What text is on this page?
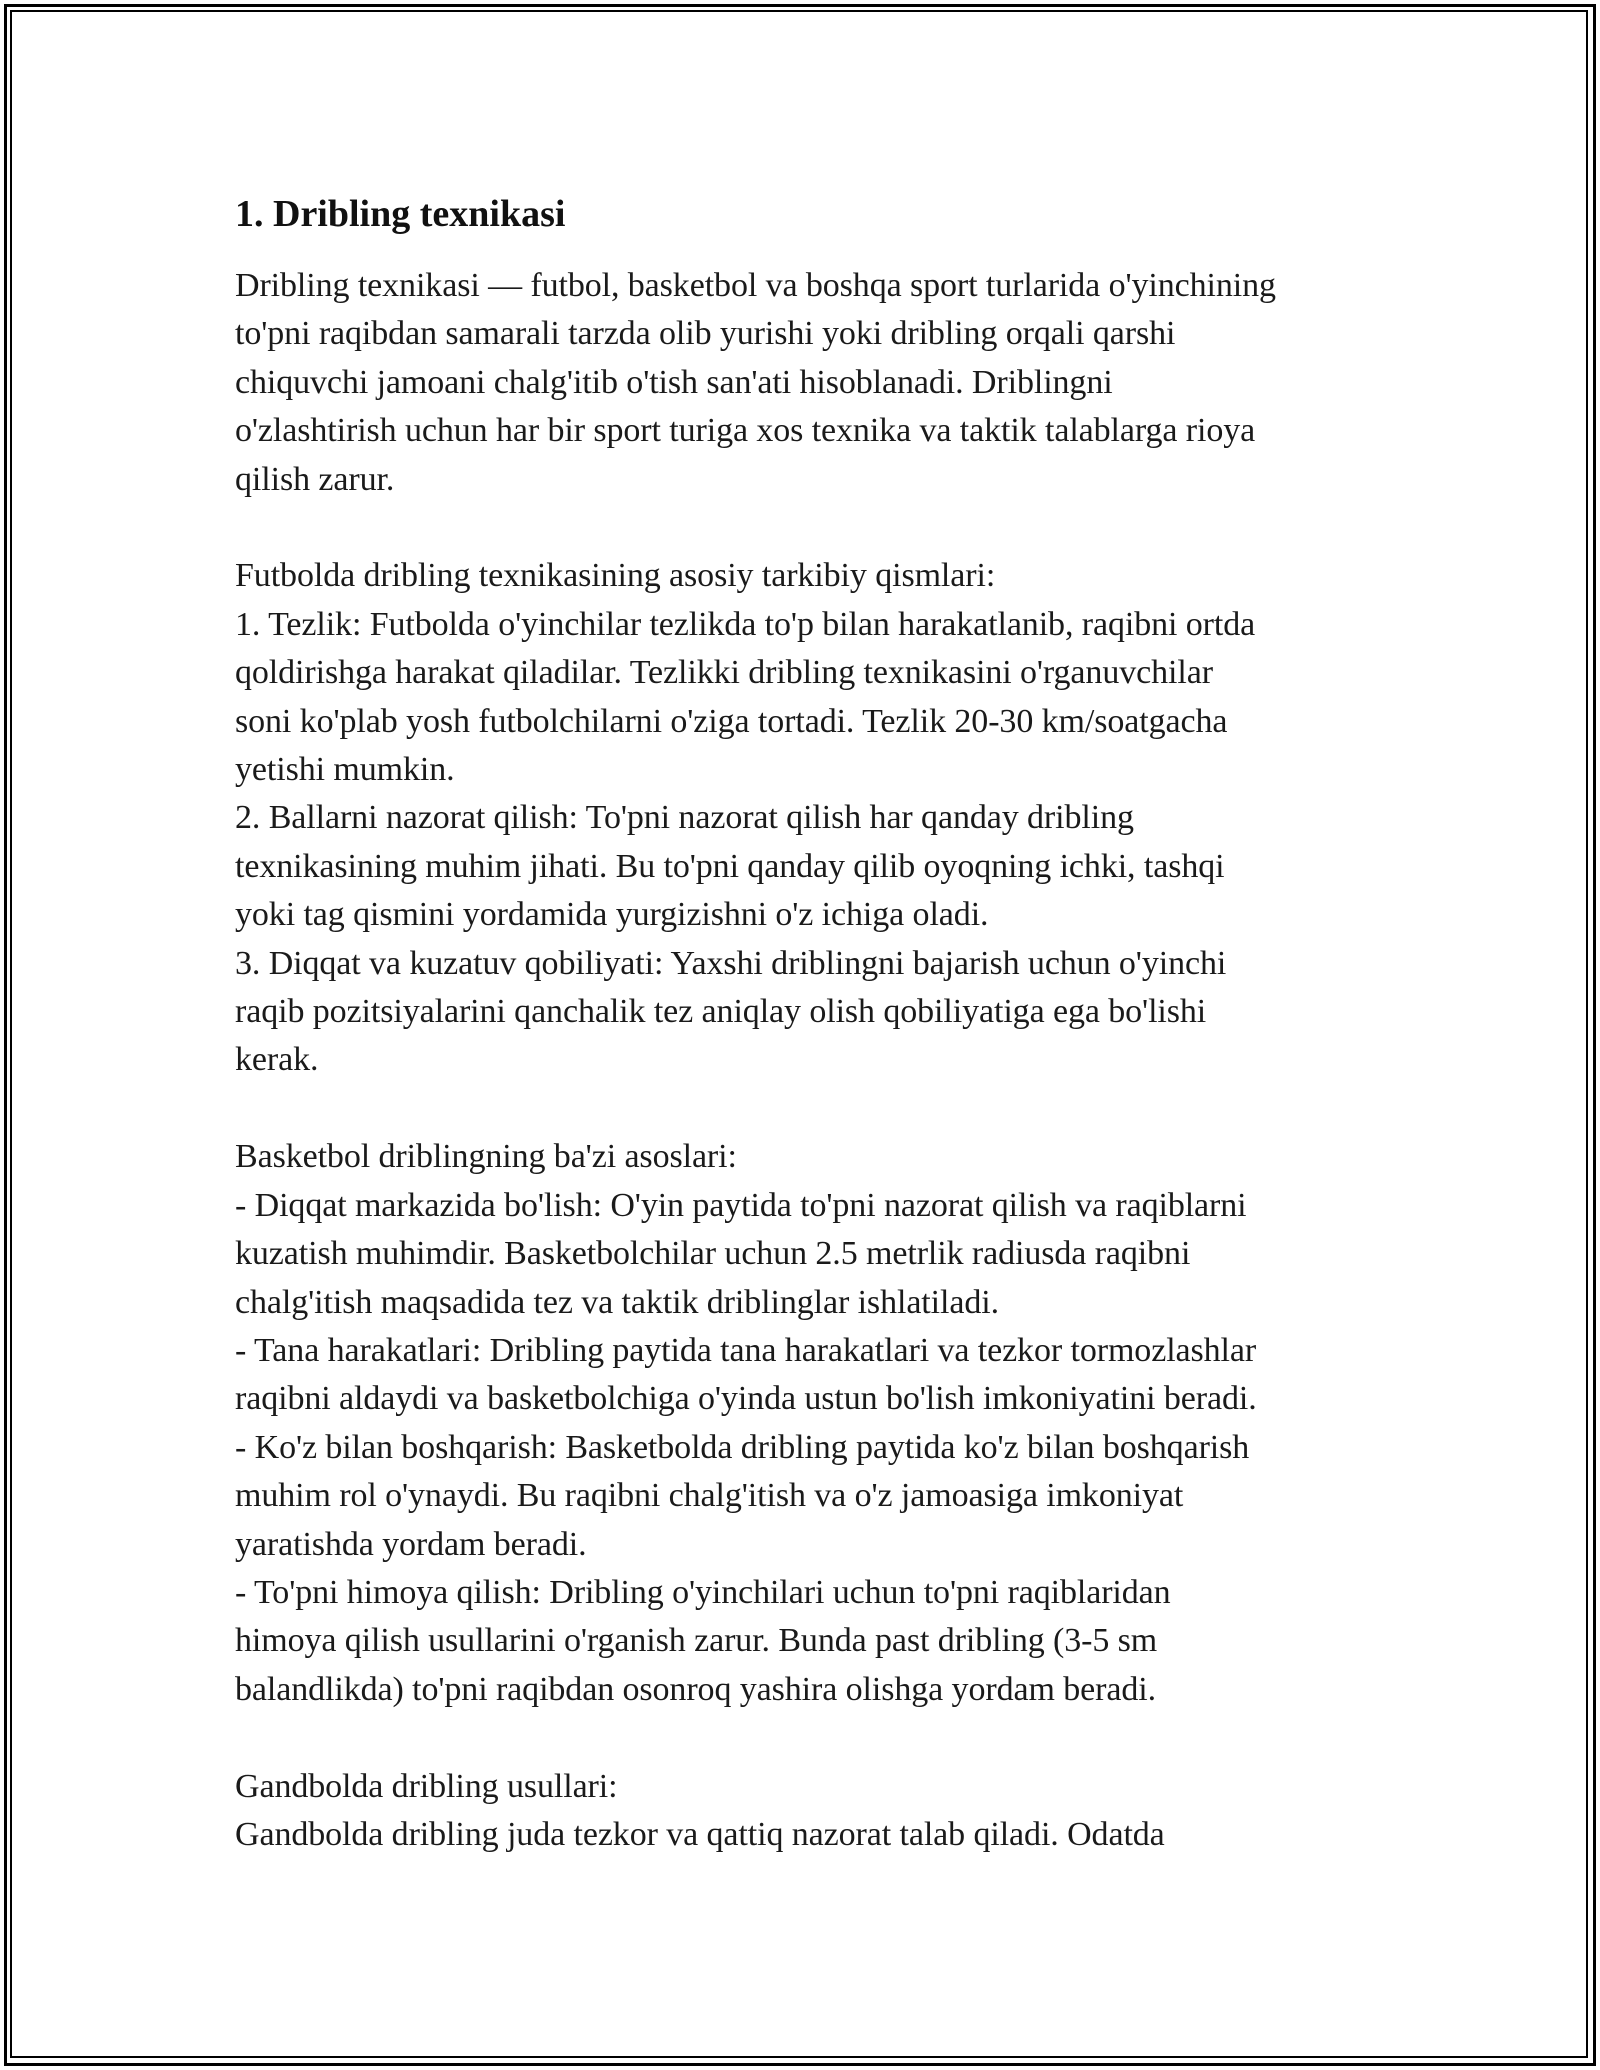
1. Dribling texnikasi

Dribling texnikasi — futbol, basketbol va boshqa sport turlarida o'yinchining

to'pni raqibdan samarali tarzda olib yurishi yoki dribling orqali qarshi

chiquvchi jamoani chalg'itib o'tish san'ati hisoblanadi. Driblingni

o'zlashtirish uchun har bir sport turiga xos texnika va taktik talablarga rioya

qilish zarur.

Futbolda dribling texnikasining asosiy tarkibiy qismlari:

1. Tezlik: Futbolda o'yinchilar tezlikda to'p bilan harakatlanib, raqibni ortda

qoldirishga harakat qiladilar. Tezlikki dribling texnikasini o'rganuvchilar

soni ko'plab yosh futbolchilarni o'ziga tortadi. Tezlik 20-30 km/soatgacha

yetishi mumkin.

2. Ballarni nazorat qilish: To'pni nazorat qilish har qanday dribling

texnikasining muhim jihati. Bu to'pni qanday qilib oyoqning ichki, tashqi

yoki tag qismini yordamida yurgizishni o'z ichiga oladi.

3. Diqqat va kuzatuv qobiliyati: Yaxshi driblingni bajarish uchun o'yinchi

raqib pozitsiyalarini qanchalik tez aniqlay olish qobiliyatiga ega bo'lishi

kerak.

Basketbol driblingning ba'zi asoslari:

- Diqqat markazida bo'lish: O'yin paytida to'pni nazorat qilish va raqiblarni

kuzatish muhimdir. Basketbolchilar uchun 2.5 metrlik radiusda raqibni

chalg'itish maqsadida tez va taktik driblinglar ishlatiladi.

- Tana harakatlari: Dribling paytida tana harakatlari va tezkor tormozlashlar

raqibni aldaydi va basketbolchiga o'yinda ustun bo'lish imkoniyatini beradi.

- Ko'z bilan boshqarish: Basketbolda dribling paytida ko'z bilan boshqarish

muhim rol o'ynaydi. Bu raqibni chalg'itish va o'z jamoasiga imkoniyat

yaratishda yordam beradi.

- To'pni himoya qilish: Dribling o'yinchilari uchun to'pni raqiblaridan

himoya qilish usullarini o'rganish zarur. Bunda past dribling (3-5 sm

balandlikda) to'pni raqibdan osonroq yashira olishga yordam beradi.

Gandbolda dribling usullari:

Gandbolda dribling juda tezkor va qattiq nazorat talab qiladi. Odatda
